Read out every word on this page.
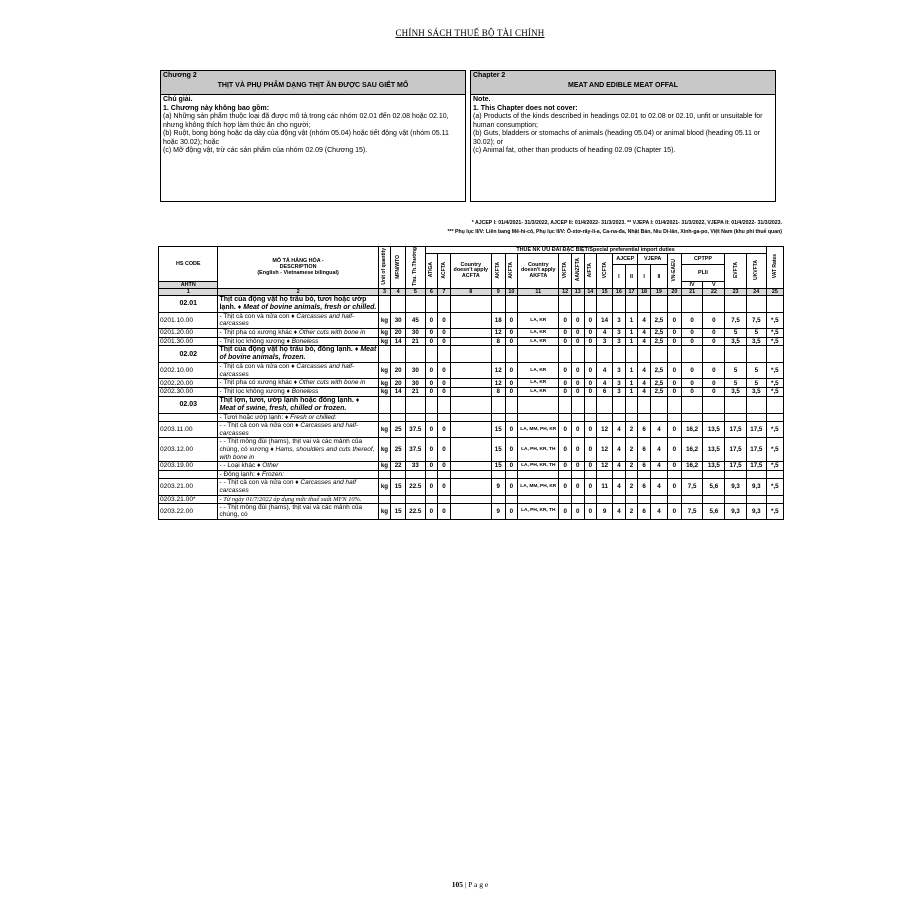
CHÍNH SÁCH THUẾ BỘ TÀI CHÍNH
Chương 2
THỊT VÀ PHỤ PHẨM DẠNG THỊT ĂN ĐƯỢC SAU GIẾT MỔ
Chú giải.
1. Chương này không bao gồm:
(a) Những sản phẩm thuộc loại đã được mô tả trong các nhóm 02.01 đến 02.08 hoặc 02.10, nhưng không thích hợp làm thức ăn cho người;
(b) Ruột, bong bóng hoặc dạ dày của động vật (nhóm 05.04) hoặc tiết động vật (nhóm 05.11 hoặc 30.02); hoặc
(c) Mỡ động vật, trừ các sản phẩm của nhóm 02.09 (Chương 15).
Chapter 2
MEAT AND EDIBLE MEAT OFFAL
Note.
1. This Chapter does not cover:
(a) Products of the kinds described in headings 02.01 to 02.08 or 02.10, unfit or unsuitable for human consumption;
(b) Guts, bladders or stomachs of animals (heading 05.04) or animal blood (heading 05.11 or 30.02); or
(c) Animal fat, other than products of heading 02.09 (Chapter 15).
* AJCEP I: 01/4/2021- 31/3/2022, AJCEP II: 01/4/2022- 31/3/2023. ** VJEPA I: 01/4/2021- 31/3/2022, VJEPA II: 01/4/2022- 31/3/2023.
*** Phụ lục II/V: Liên bang Mê-hi-cô, Phụ lục II/V: Ô-xtơ-rây-li-a, Ca-na-đa, Nhật Bản, Niu Di-lân, Xinh-ga-po, Việt Nam (khu phi thuế quan)
HS CODE	MÔ TẢ HÀNG HÓA -
DESCRIPTION
(English - Vietnamese bilingual)	Unit of quantity	MFN/WTO	Thu. Th.Thường	THUẾ NK ƯU ĐÃI ĐẶC BIỆT/Special preferential import duties																			VAT Rates
					ATIGA	ACFTA	Country doesn't apply ACFTA	AKFTA	AKFTA	Country doesn't apply AKFTA	VKFTA	AANZFTA	AIFTA	VCFTA	AJCEP		VJEPA		VN-EAEU	CPTPP		EVFTA	UKVFTA	
															I	II	I	II		PLII				
AHTN																				IV	V			
1	2	3	4	5	6	7	8	9	10	11	12	13	14	15	16	17	18	19	20	21	22	23	24	25
02.01	Thịt của động vật họ trâu bò, tươi hoặc ướp lạnh. ♦ Meat of bovine animals, fresh or chilled.																							
0201.10.00	- Thịt cả con và nửa con ♦ Carcasses and half-carcasses	kg	30	45	0	0		18	0	LA, KR	0	0	0	14	3	1	4	2,5	0	0	0	7,5	7,5	*,5
0201.20.00	- Thịt pha có xương khác ♦ Other cuts with bone in	kg	20	30	0	0		12	0	LA, KR	0	0	0	4	3	1	4	2,5	0	0	0	5	5	*,5
0201.30.00	- Thịt lọc không xương ♦ Boneless	kg	14	21	0	0		8	0	LA, KR	0	0	0	3	3	1	4	2,5	0	0	0	3,5	3,5	*,5
02.02	Thịt của động vật họ trâu bò, đông lạnh. ♦ Meat of bovine animals, frozen.																							
0202.10.00	- Thịt cả con và nửa con ♦ Carcasses and half-carcasses	kg	20	30	0	0		12	0	LA, KR	0	0	0	4	3	1	4	2,5	0	0	0	5	5	*,5
0202.20.00	- Thịt pha có xương khác ♦ Other cuts with bone in	kg	20	30	0	0		12	0	LA, KR	0	0	0	4	3	1	4	2,5	0	0	0	5	5	*,5
0202.30.00	- Thịt lọc không xương ♦ Boneless	kg	14	21	0	0		8	0	LA, KR	0	0	0	6	3	1	4	2,5	0	0	0	3,5	3,5	*,5
02.03	Thịt lợn, tươi, ướp lạnh hoặc đông lạnh. ♦ Meat of swine, fresh, chilled or frozen.																							
	- Tươi hoặc ướp lạnh: ♦ Fresh or chilled:																							
0203.11.00	- - Thịt cả con và nửa con ♦ Carcasses and half-carcasses	kg	25	37.5	0	0		15	0	LA, MM, PH, KR	0	0	0	12	4	2	6	4	0	16,2	13,5	17,5	17,5	*,5
0203.12.00	- - Thịt mông đùi (hams), thịt vai và các mảnh của chúng, có xương ♦ Hams, shoulders and cuts thereof, with bone in	kg	25	37.5	0	0		15	0	LA, PH, KR, TH	0	0	0	12	4	2	6	4	0	16,2	13,5	17,5	17,5	*,5
0203.19.00	- - Loại khác ♦ Other	kg	22	33	0	0		15	0	LA, PH, KR, TH	0	0	0	12	4	2	6	4	0	16,2	13,5	17,5	17,5	*,5
	- Đông lạnh: ♦ Frozen:																							
0203.21.00	- - Thịt cả con và nửa con ♦ Carcasses and half carcasses	kg	15	22.5	0	0		9	0	LA, MM, PH, KR	0	0	0	11	4	2	6	4	0	7,5	5,6	9,3	9,3	*,5
0203.21.00*	- Từ ngày 01/7/2022 áp dụng mức thuế suất MFN 10%.																							
0203.22.00	- - Thịt mông đùi (hams), thịt vai và các mảnh của chúng, có	kg	15	22.5	0	0		9	0	LA, PH, KR, TH	0	0	0	9	4	2	6	4	0	7,5	5,6	9,3	9,3	*,5
105 | P a g e
